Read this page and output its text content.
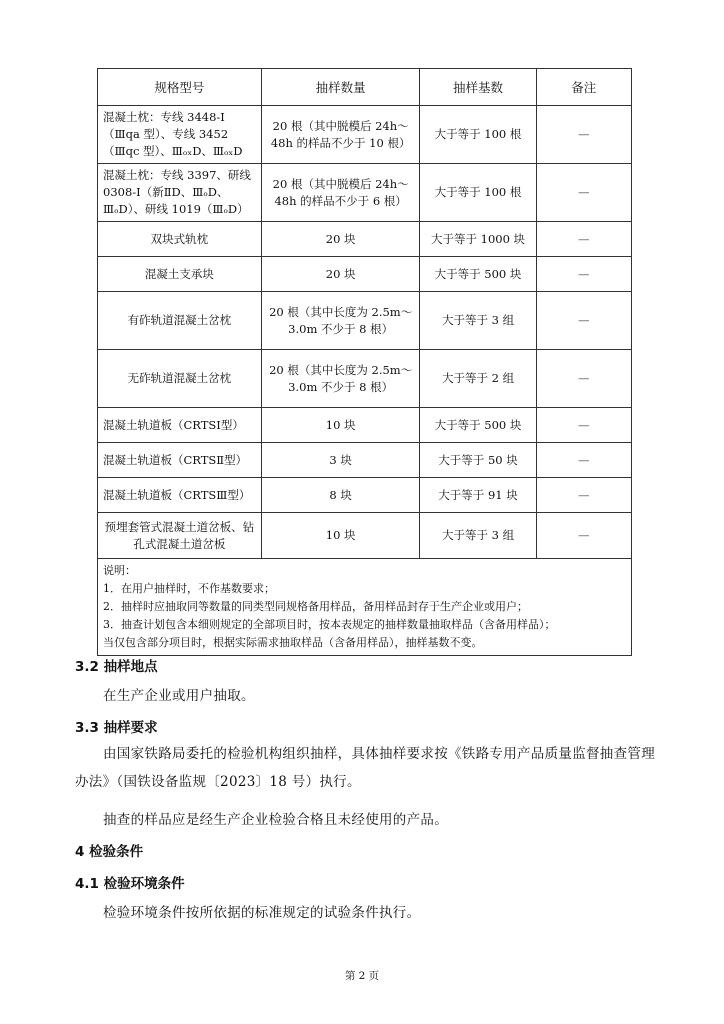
规格型号	抽样数量	抽样基数	备注
混凝土枕：专线 3448-Ⅰ（Ⅲqa 型）、专线 3452（Ⅲqc 型）、ⅢₒₓD、ⅢₒₓD	20 根（其中脱模后 24h～48h 的样品不少于 10 根）	大于等于 100 根	—
混凝土枕：专线 3397、研线 0308-Ⅰ（新ⅡD、ⅢₒD、ⅢₒD）、研线 1019（ⅢₒD）	20 根（其中脱模后 24h～48h 的样品不少于 6 根）	大于等于 100 根	—
双块式轨枕	20 块	大于等于 1000 块	—
混凝土支承块	20 块	大于等于 500 块	—
有砟轨道混凝土岔枕	20 根（其中长度为 2.5m～3.0m 不少于 8 根）	大于等于 3 组	—
无砟轨道混凝土岔枕	20 根（其中长度为 2.5m～3.0m 不少于 8 根）	大于等于 2 组	—
混凝土轨道板（CRTSⅠ型）	10 块	大于等于 500 块	—
混凝土轨道板（CRTSⅡ型）	3 块	大于等于 50 块	—
混凝土轨道板（CRTSⅢ型）	8 块	大于等于 91 块	—
预埋套管式混凝土道岔板、钻孔式混凝土道岔板	10 块	大于等于 3 组	—

说明：
1．在用户抽样时，不作基数要求；
2．抽样时应抽取同等数量的同类型同规格备用样品，备用样品封存于生产企业或用户；
3．抽查计划包含本细则规定的全部项目时，按本表规定的抽样数量抽取样品（含备用样品）；
当仅包含部分项目时，根据实际需求抽取样品（含备用样品），抽样基数不变。			
3.2 抽样地点
在生产企业或用户抽取。
3.3 抽样要求
由国家铁路局委托的检验机构组织抽样，具体抽样要求按《铁路专用产品质量监督抽查管理办法》（国铁设备监规〔2023〕18 号）执行。
抽查的样品应是经生产企业检验合格且未经使用的产品。
4 检验条件
4.1 检验环境条件
检验环境条件按所依据的标准规定的试验条件执行。
第 2 页
